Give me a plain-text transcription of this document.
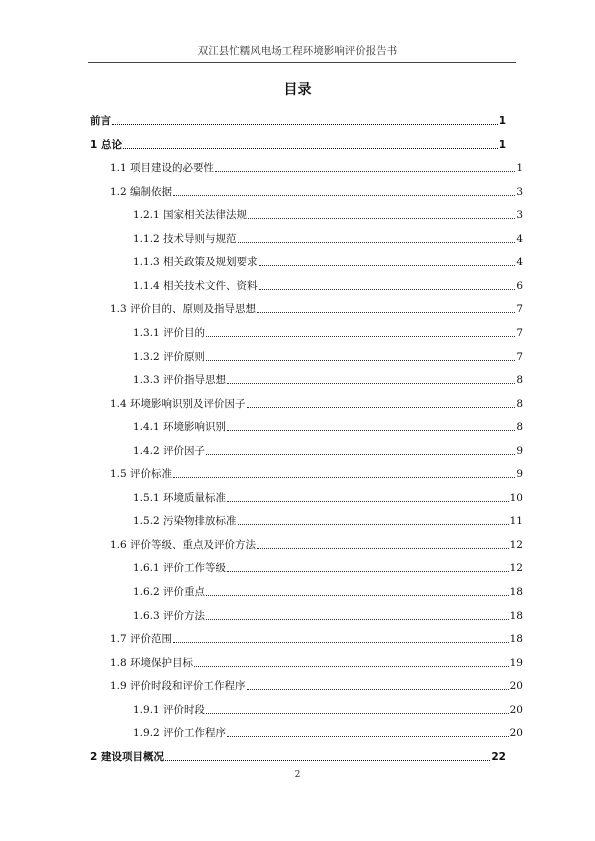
双江县忙糯风电场工程环境影响评价报告书
目录
前言	1
1 总论	1
1.1 项目建设的必要性	1
1.2 编制依据	3
1.2.1 国家相关法律法规	3
1.1.2 技术导则与规范	4
1.1.3 相关政策及规划要求	4
1.1.4 相关技术文件、资料	6
1.3 评价目的、原则及指导思想	7
1.3.1 评价目的	7
1.3.2 评价原则	7
1.3.3 评价指导思想	8
1.4 环境影响识别及评价因子	8
1.4.1 环境影响识别	8
1.4.2 评价因子	9
1.5 评价标准	9
1.5.1 环境质量标准	10
1.5.2 污染物排放标准	11
1.6 评价等级、重点及评价方法	12
1.6.1 评价工作等级	12
1.6.2 评价重点	18
1.6.3 评价方法	18
1.7 评价范围	18
1.8 环境保护目标	19
1.9 评价时段和评价工作程序	20
1.9.1 评价时段	20
1.9.2 评价工作程序	20
2 建设项目概况	22
2
